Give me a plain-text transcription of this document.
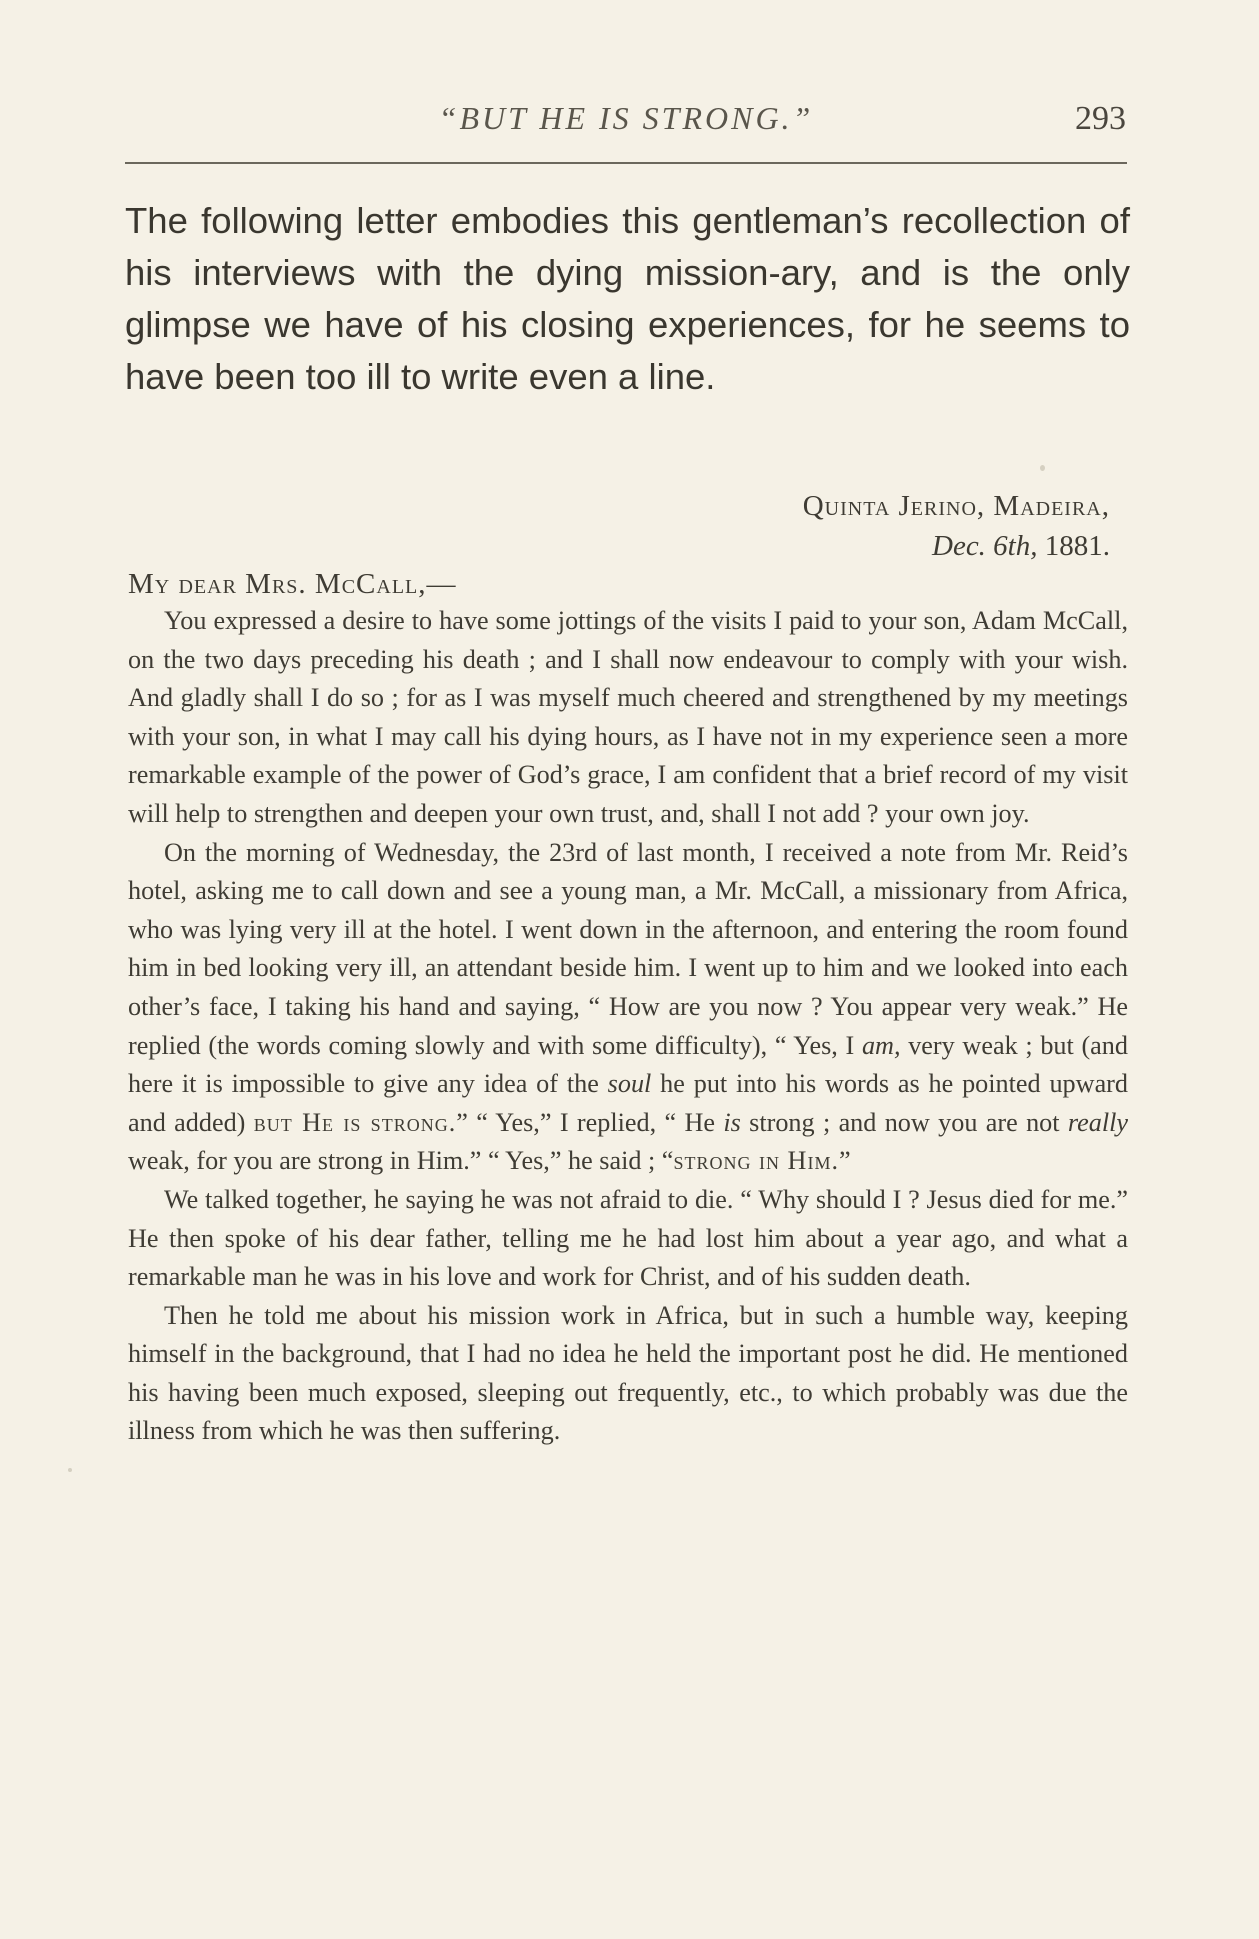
“BUT HE IS STRONG.”	293
The following letter embodies this gentleman’s recollection of his interviews with the dying mission-ary, and is the only glimpse we have of his closing experiences, for he seems to have been too ill to write even a line.
Quinta Jerino, Madeira,
Dec. 6th, 1881.
My dear Mrs. McCall,—

You expressed a desire to have some jottings of the visits I paid to your son, Adam McCall, on the two days preceding his death ; and I shall now endeavour to comply with your wish. And gladly shall I do so ; for as I was myself much cheered and strengthened by my meetings with your son, in what I may call his dying hours, as I have not in my experience seen a more remarkable example of the power of God’s grace, I am confident that a brief record of my visit will help to strengthen and deepen your own trust, and, shall I not add ? your own joy.

On the morning of Wednesday, the 23rd of last month, I received a note from Mr. Reid’s hotel, asking me to call down and see a young man, a Mr. McCall, a missionary from Africa, who was lying very ill at the hotel. I went down in the afternoon, and entering the room found him in bed looking very ill, an attendant beside him. I went up to him and we looked into each other’s face, I taking his hand and saying, “ How are you now ? You appear very weak.” He replied (the words coming slowly and with some difficulty), “ Yes, I am, very weak ; but (and here it is impossible to give any idea of the soul he put into his words as he pointed upward and added) but He is strong.” “ Yes,” I replied, “ He is strong ; and now you are not really weak, for you are strong in Him.” “ Yes,” he said ; “strong in Him.”

We talked together, he saying he was not afraid to die. “ Why should I ? Jesus died for me.” He then spoke of his dear father, telling me he had lost him about a year ago, and what a remarkable man he was in his love and work for Christ, and of his sudden death.

Then he told me about his mission work in Africa, but in such a humble way, keeping himself in the background, that I had no idea he held the important post he did. He mentioned his having been much exposed, sleeping out frequently, etc., to which probably was due the illness from which he was then suffering.
